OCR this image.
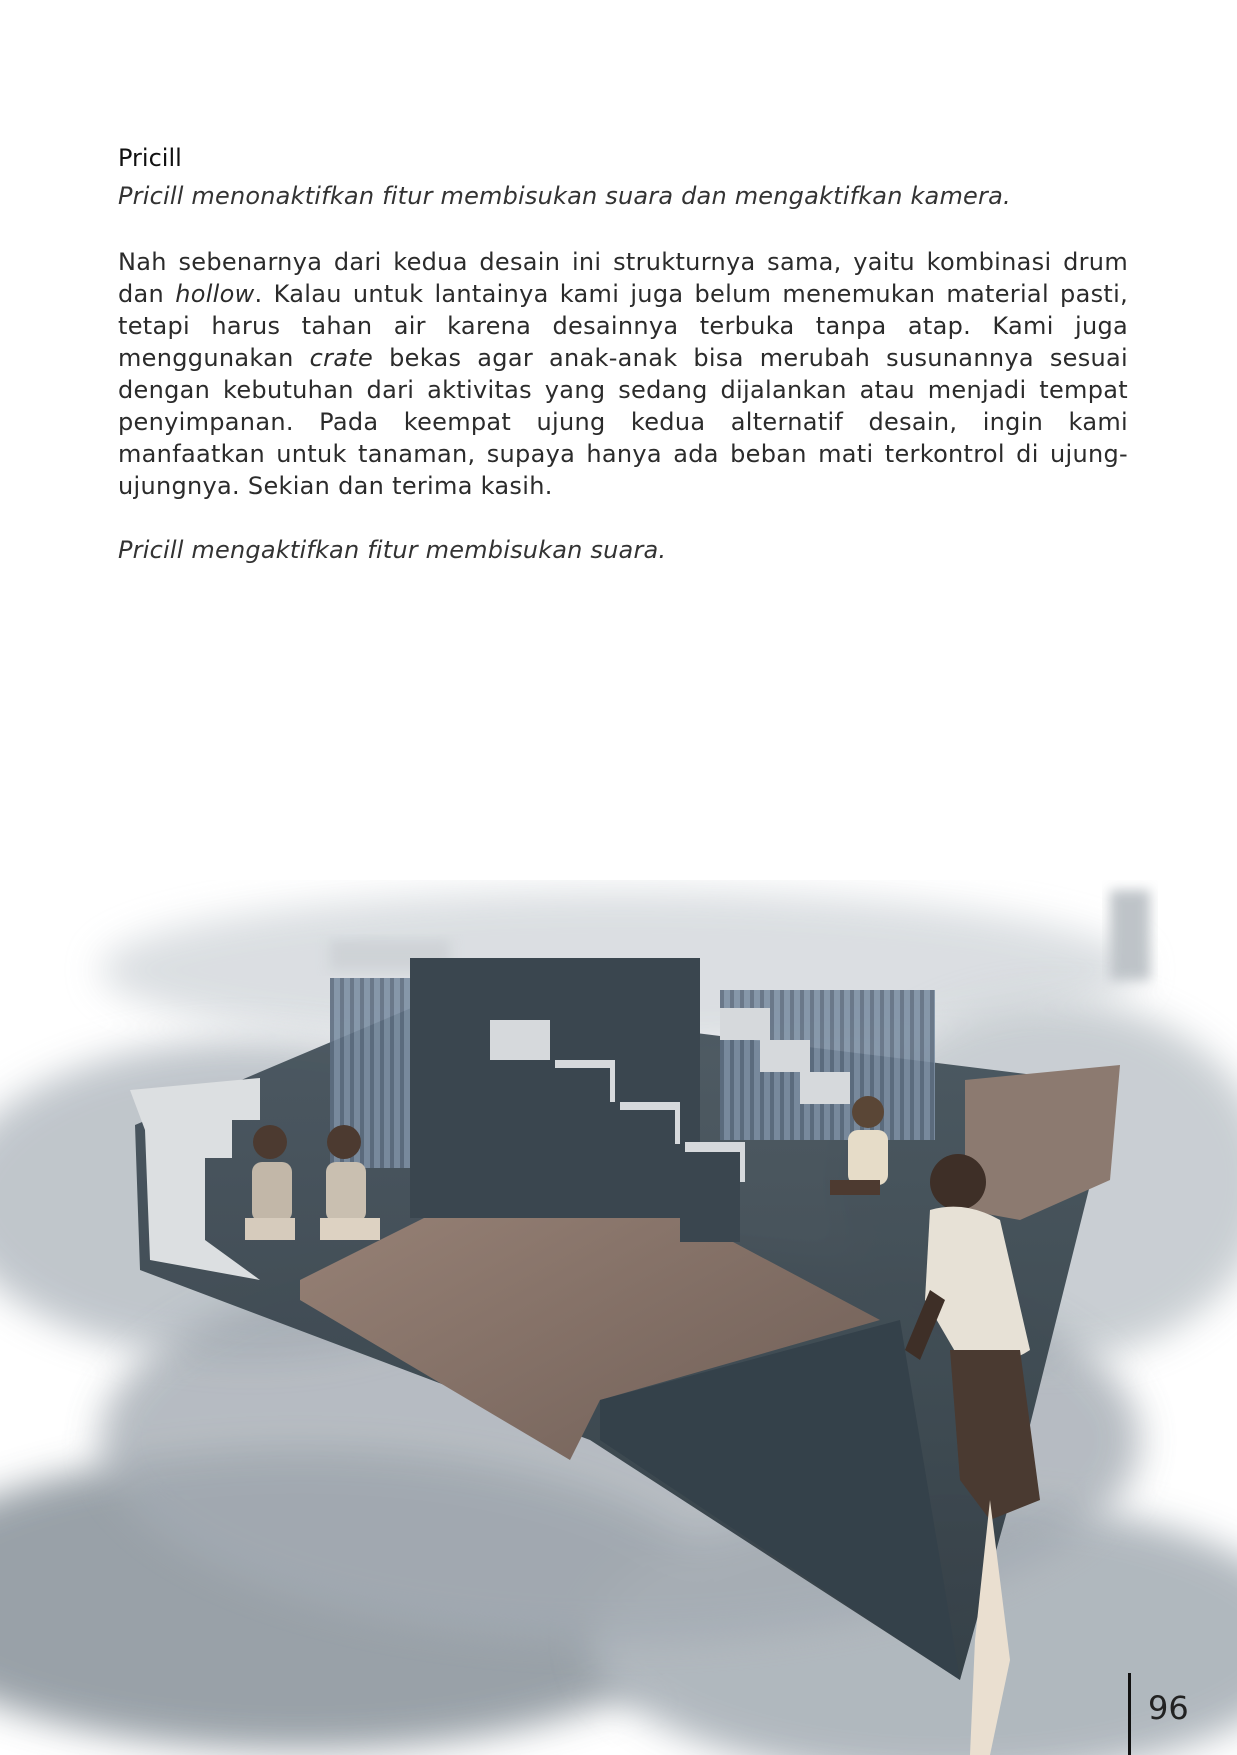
Pricill

Pricill menonaktifkan fitur membisukan suara dan mengaktifkan kamera.

Nah sebenarnya dari kedua desain ini strukturnya sama, yaitu kombinasi drum dan hollow. Kalau untuk lantainya kami juga belum menemukan material pasti, tetapi harus tahan air karena desainnya terbuka tanpa atap. Kami juga menggunakan crate bekas agar anak-anak bisa merubah susunannya sesuai dengan kebutuhan dari aktivitas yang sedang dijalankan atau menjadi tempat penyimpanan. Pada keempat ujung kedua alternatif desain, ingin kami manfaatkan untuk tanaman, supaya hanya ada beban mati terkontrol di ujung-ujungnya. Sekian dan terima kasih.

Pricill mengaktifkan fitur membisukan suara.

96
